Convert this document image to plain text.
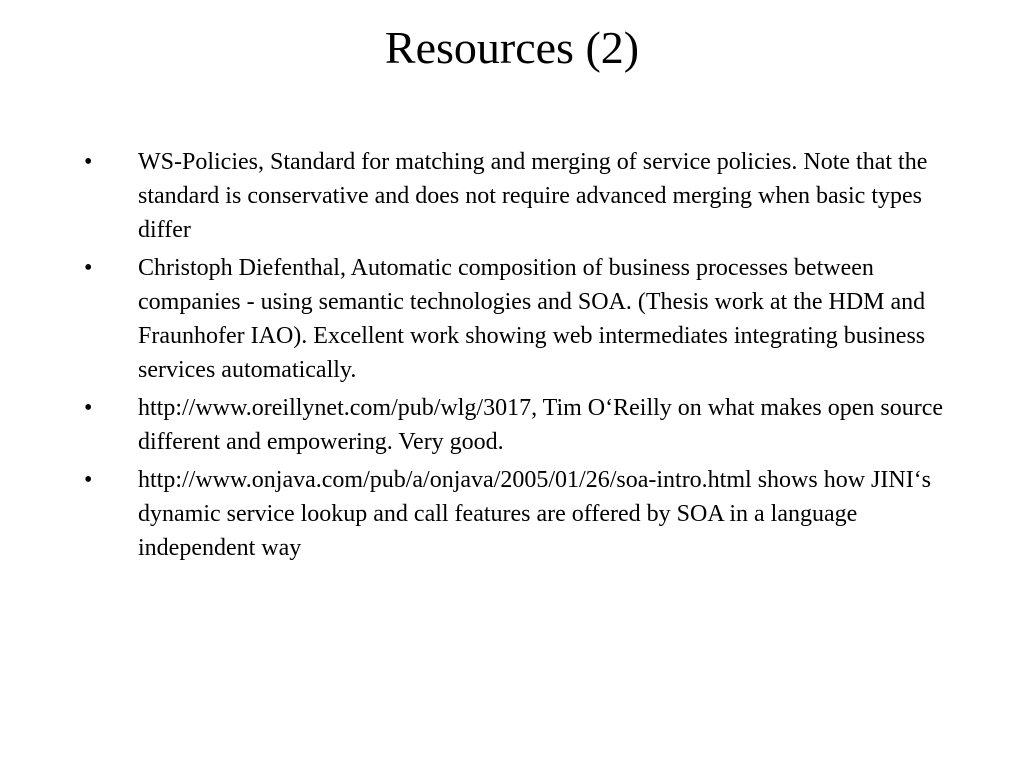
Resources (2)
•	WS-Policies, Standard for matching and merging of service policies. Note that the standard is conservative and does not require advanced merging when basic types differ
•	Christoph Diefenthal, Automatic composition of business processes between companies - using semantic technologies and SOA. (Thesis work at the HDM and Fraunhofer IAO). Excellent work showing web intermediates integrating business services automatically.
•	http://www.oreillynet.com/pub/wlg/3017, Tim O‘Reilly on what makes open source different and empowering. Very good.
•	http://www.onjava.com/pub/a/onjava/2005/01/26/soa-intro.html shows how JINI‘s dynamic service lookup and call features are offered by SOA in a language independent way
